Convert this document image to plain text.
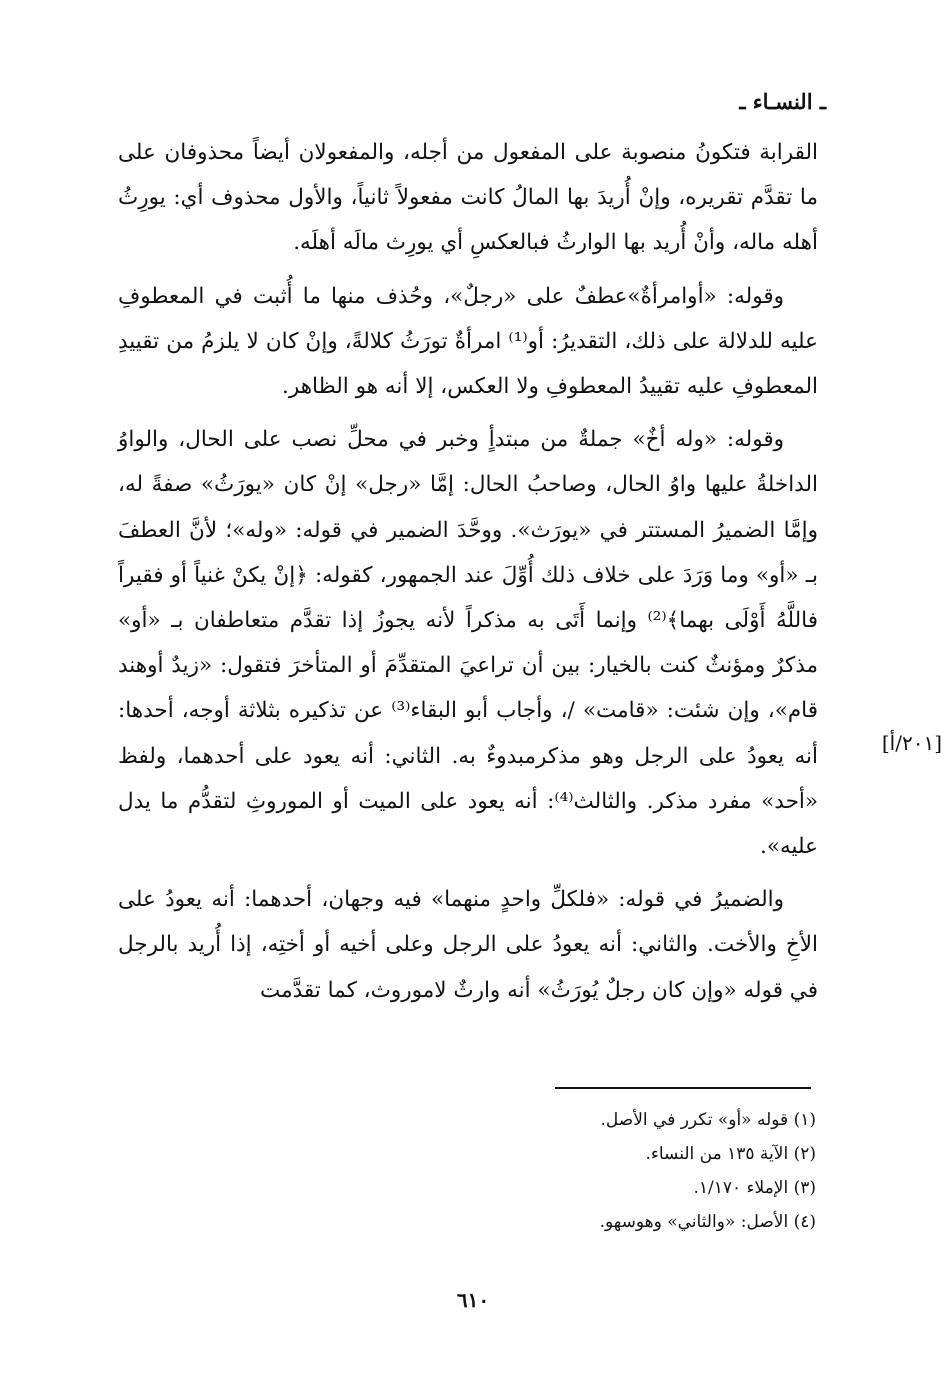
ـ النسـاء ـ
[٢٠١/أ]

القرابة فتكونُ منصوبة على المفعول من أجله، والمفعولان أيضاً محذوفان على ما تقدَّم تقريره، وإنْ أُريدَ بها المالُ كانت مفعولاً ثانياً، والأول محذوف أي: يورِثُ أهله ماله، وأنْ أُريد بها الوارثُ فبالعكسِ أي يورِث مالَه أهلَه.

وقوله: «أوامرأةٌ»عطفٌ على «رجلٌ»، وحُذف منها ما أُثبت في المعطوفِ عليه للدلالة على ذلك، التقديرُ: أو⁽¹⁾ امرأةٌ تورَثُ كلالةً، وإنْ كان لا يلزمُ من تقييدِ المعطوفِ عليه تقييدُ المعطوفِ ولا العكس، إلا أنه هو الظاهر.

وقوله: «وله أخٌ» جملةٌ من مبتدأٍ وخبر في محلِّ نصب على الحال، والواوُ الداخلةُ عليها واوُ الحال، وصاحبُ الحال: إمَّا «رجل» إنْ كان «يورَثُ» صفةً له، وإمَّا الضميرُ المستتر في «يورَث». ووحَّدَ الضمير في قوله: «وله»؛ لأنَّ العطفَ بـ «أو» وما وَرَدَ على خلاف ذلك أُوِّلَ عند الجمهور، كقوله: ﴿إنْ يكنْ غنياً أو فقيراً فاللَّهُ أَوْلَى بهما﴾⁽²⁾ وإنما أَتَى به مذكراً لأنه يجوزُ إذا تقدَّم متعاطفان بـ «أو» مذكرٌ ومؤنثٌ كنت بالخيار: بين أن تراعيَ المتقدِّمَ أو المتأخرَ فتقول: «زيدٌ أوهند قام»، وإن شئت: «قامت» /، وأجاب أبو البقاء⁽³⁾ عن تذكيره بثلاثة أوجه، أحدها: أنه يعودُ على الرجل وهو مذكرمبدوءٌ به. الثاني: أنه يعود على أحدهما، ولفظ «أحد» مفرد مذكر. والثالث⁽⁴⁾: أنه يعود على الميت أو الموروثِ لتقدُّم ما يدل عليه».

والضميرُ في قوله: «فلكلِّ واحدٍ منهما» فيه وجهان، أحدهما: أنه يعودُ على الأخِ والأخت. والثاني: أنه يعودُ على الرجل وعلى أخيه أو أختِه، إذا أُريد بالرجل في قوله «وإن كان رجلٌ يُورَثُ» أنه وارثٌ لاموروث، كما تقدَّمت

(١) قوله «أو» تكرر في الأصل.
(٢) الآية ١٣٥ من النساء.
(٣) الإملاء ١/١٧٠.
(٤) الأصل: «والثاني» وهوسهو.
٦١٠
